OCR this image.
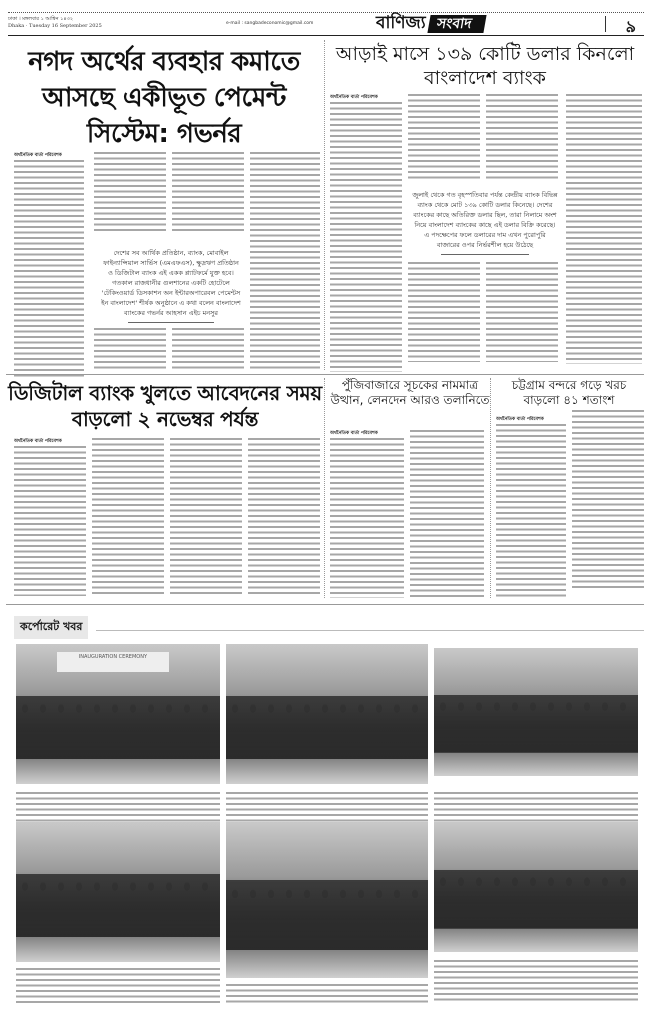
ঢাকা । মঙ্গলবার ১ আশ্বিন ১৪৩২
Dhaka · Tuesday 16 September 2025	e-mail : sangbadeconomic@gmail.com	বাণিজ্য সংবাদ	৯
নগদ অর্থের ব্যবহার কমাতে আসছে একীভূত পেমেন্ট সিস্টেম: গভর্নর
অর্থনৈতিক বার্তা পরিবেশক
দেশের সব আর্থিক প্রতিষ্ঠান, ব্যাংক, মোবাইল ফাইন্যান্সিয়াল সার্ভিস (এমএফএস), ক্ষুদ্রঋণ প্রতিষ্ঠান ও ডিজিটাল ব্যাংক এই একক প্ল্যাটফর্মে যুক্ত হবে। গতকাল রাজধানীর গুলশানের একটি হোটেলে 'টেকিংওয়ার্ড ডিসকাশন অন ইন্টারঅপারেবল পেমেন্টস ইন বাংলাদেশ' শীর্ষক অনুষ্ঠানে এ কথা বলেন বাংলাদেশ ব্যাংকের গভর্নর আহসান এইচ মনসুর
আড়াই মাসে ১৩৯ কোটি ডলার কিনলো বাংলাদেশ ব্যাংক
অর্থনৈতিক বার্তা পরিবেশক
জুলাই থেকে গত বৃহস্পতিবার পর্যন্ত কেন্দ্রীয় ব্যাংক বিভিন্ন ব্যাংক থেকে মোট ১৩৯ কোটি ডলার কিনেছে। দেশের ব্যাংকের কাছে অতিরিক্ত ডলার ছিল, তারা নিলামে অংশ নিয়ে বাংলাদেশ ব্যাংকের কাছে এই ডলার বিক্রি করেছে। এ পদক্ষেপের ফলে ডলারের দাম এখন পুরোপুরি বাজারের ওপর নির্ভরশীল হয়ে উঠেছে
ডিজিটাল ব্যাংক খুলতে আবেদনের সময় বাড়লো ২ নভেম্বর পর্যন্ত
অর্থনৈতিক বার্তা পরিবেশক
পুঁজিবাজারে সূচকের নামমাত্র উত্থান, লেনদেন আরও তলানিতে
অর্থনৈতিক বার্তা পরিবেশক
চট্টগ্রাম বন্দরে গড়ে খরচ বাড়লো ৪১ শতাংশ
অর্থনৈতিক বার্তা পরিবেশক
কর্পোরেট খবর
INAUGURATION CEREMONY
